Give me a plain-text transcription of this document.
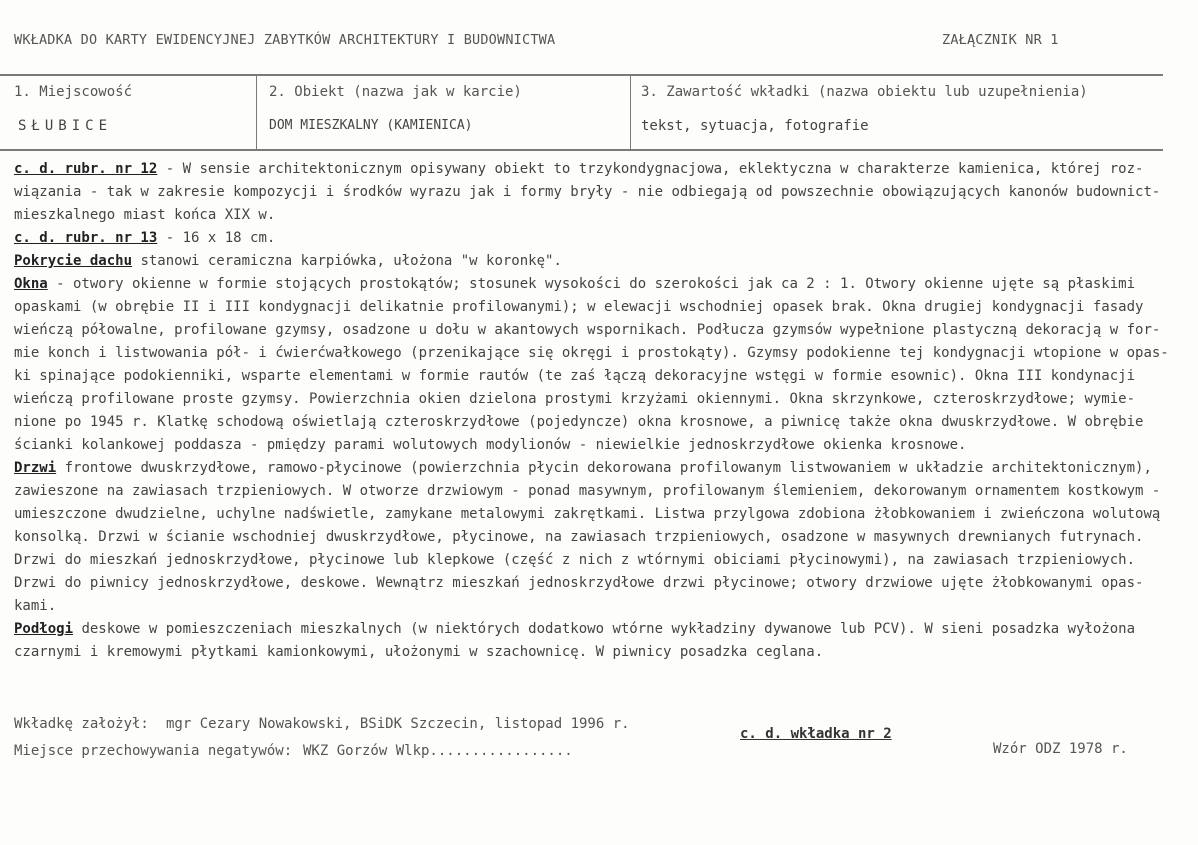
WKŁADKA DO KARTY EWIDENCYJNEJ ZABYTKÓW ARCHITEKTURY I BUDOWNICTWA	ZAŁĄCZNIK NR 1
1. Miejscowość
SŁUBICE
2. Obiekt (nazwa jak w karcie)
DOM MIESZKALNY (KAMIENICA)
3. Zawartość wkładki (nazwa obiektu lub uzupełnienia)
tekst, sytuacja, fotografie

c. d. rubr. nr 12 - W sensie architektonicznym opisywany obiekt to trzykondygnacjowa, eklektyczna w charakterze kamienica, której roz-

wiązania - tak w zakresie kompozycji i środków wyrazu jak i formy bryły - nie odbiegają od powszechnie obowiązujących kanonów budownict-

mieszkalnego miast końca XIX w.

c. d. rubr. nr 13 - 16 x 18 cm.

Pokrycie dachu stanowi ceramiczna karpiówka, ułożona "w koronkę".

Okna - otwory okienne w formie stojących prostokątów; stosunek wysokości do szerokości jak ca 2 : 1. Otwory okienne ujęte są płaskimi

opaskami (w obrębie II i III kondygnacji delikatnie profilowanymi); w elewacji wschodniej opasek brak. Okna drugiej kondygnacji fasady

wieńczą półowalne, profilowane gzymsy, osadzone u dołu w akantowych wspornikach. Podłucza gzymsów wypełnione plastyczną dekoracją w for-

mie konch i listwowania pół- i ćwierćwałkowego (przenikające się okręgi i prostokąty). Gzymsy podokienne tej kondygnacji wtopione w opas-

ki spinające podokienniki, wsparte elementami w formie rautów (te zaś łączą dekoracyjne wstęgi w formie esownic). Okna III kondynacji

wieńczą profilowane proste gzymsy. Powierzchnia okien dzielona prostymi krzyżami okiennymi. Okna skrzynkowe, czteroskrzydłowe; wymie-

nione po 1945 r. Klatkę schodową oświetlają czteroskrzydłowe (pojedyncze) okna krosnowe, a piwnicę także okna dwuskrzydłowe. W obrębie

ścianki kolankowej poddasza - pmiędzy parami wolutowych modylionów - niewielkie jednoskrzydłowe okienka krosnowe.

Drzwi frontowe dwuskrzydłowe, ramowo-płycinowe (powierzchnia płycin dekorowana profilowanym listwowaniem w układzie architektonicznym),

zawieszone na zawiasach trzpieniowych. W otworze drzwiowym - ponad masywnym, profilowanym ślemieniem, dekorowanym ornamentem kostkowym -

umieszczone dwudzielne, uchylne nadświetle, zamykane metalowymi zakrętkami. Listwa przylgowa zdobiona żłobkowaniem i zwieńczona wolutową

konsolką. Drzwi w ścianie wschodniej dwuskrzydłowe, płycinowe, na zawiasach trzpieniowych, osadzone w masywnych drewnianych futrynach.

Drzwi do mieszkań jednoskrzydłowe, płycinowe lub klepkowe (część z nich z wtórnymi obiciami płycinowymi), na zawiasach trzpieniowych.

Drzwi do piwnicy jednoskrzydłowe, deskowe. Wewnątrz mieszkań jednoskrzydłowe drzwi płycinowe; otwory drzwiowe ujęte żłobkowanymi opas-

kami.

Podłogi deskowe w pomieszczeniach mieszkalnych (w niektórych dodatkowo wtórne wykładziny dywanowe lub PCV). W sieni posadzka wyłożona

czarnymi i kremowymi płytkami kamionkowymi, ułożonymi w szachownicę. W piwnicy posadzka ceglana.

Wkładkę założył: mgr Cezary Nowakowski, BSiDK Szczecin, listopad 1996 r.
c. d. wkładka nr 2
Miejsce przechowywania negatywów: WKZ Gorzów Wlkp.................	Wzór ODZ 1978 r.
